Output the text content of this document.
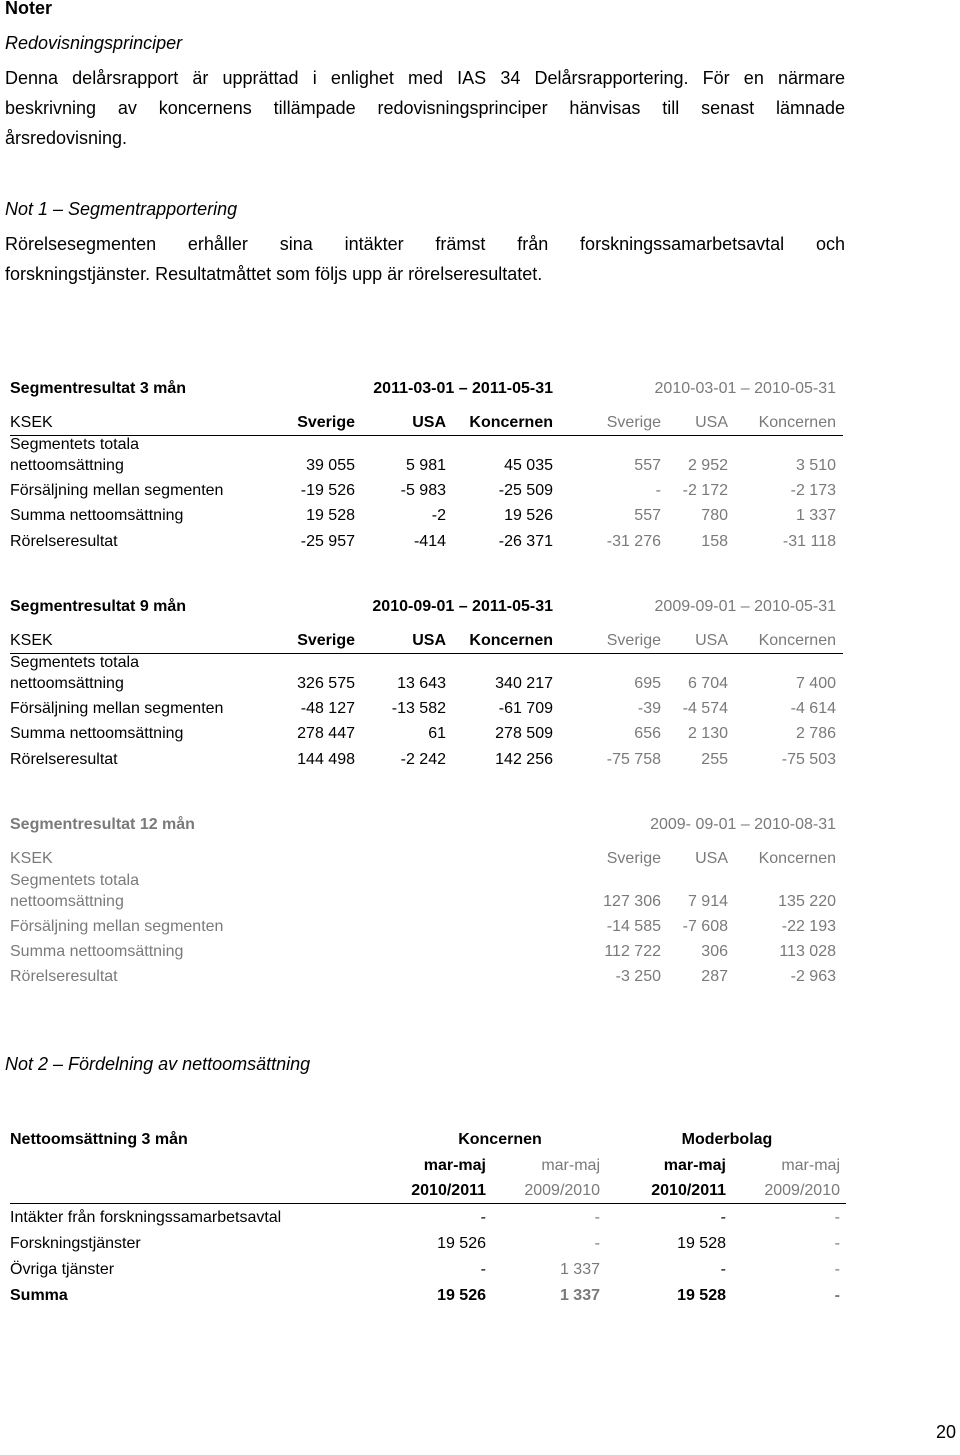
Noter
Redovisningsprinciper
Denna delårsrapport är upprättad i enlighet med IAS 34 Delårsrapportering. För en närmare
beskrivning av koncernens tillämpade redovisningsprinciper hänvisas till senast lämnade
årsredovisning.
Not 1 – Segmentrapportering
Rörelsesegmenten erhåller sina intäkter främst från forskningssamarbetsavtal och
forskningstjänster. Resultatmåttet som följs upp är rörelseresultatet.
Segmentresultat 3 mån	2011-03-01 – 2011-05-31	2010-03-01 – 2010-05-31
KSEK	Sverige	USA	Koncernen	Sverige	USA	Koncernen
Segmentets totala
nettoomsättning	39 055	5 981	45 035	557	2 952	3 510
Försäljning mellan segmenten	-19 526	-5 983	-25 509	-	-2 172	-2 173
Summa nettoomsättning	19 528	-2	19 526	557	780	1 337
Rörelseresultat	-25 957	-414	-26 371	-31 276	158	-31 118
Segmentresultat 9 mån	2010-09-01 – 2011-05-31	2009-09-01 – 2010-05-31
KSEK	Sverige	USA	Koncernen	Sverige	USA	Koncernen
Segmentets totala
nettoomsättning	326 575	13 643	340 217	695	6 704	7 400
Försäljning mellan segmenten	-48 127	-13 582	-61 709	-39	-4 574	-4 614
Summa nettoomsättning	278 447	61	278 509	656	2 130	2 786
Rörelseresultat	144 498	-2 242	142 256	-75 758	255	-75 503
Segmentresultat 12 mån	2009- 09-01 – 2010-08-31
KSEK	Sverige	USA	Koncernen
Segmentets totala
nettoomsättning	127 306	7 914	135 220
Försäljning mellan segmenten	-14 585	-7 608	-22 193
Summa nettoomsättning	112 722	306	113 028
Rörelseresultat	-3 250	287	-2 963
Not 2 – Fördelning av nettoomsättning
Nettoomsättning 3 mån	Koncernen	Moderbolag
mar-maj	mar-maj	mar-maj	mar-maj
2010/2011	2009/2010	2010/2011	2009/2010
Intäkter från forskningssamarbetsavtal	-	-	-	-
Forskningstjänster	19 526	-	19 528	-
Övriga tjänster	-	1 337	-	-
Summa	19 526	1 337	19 528	-
20
